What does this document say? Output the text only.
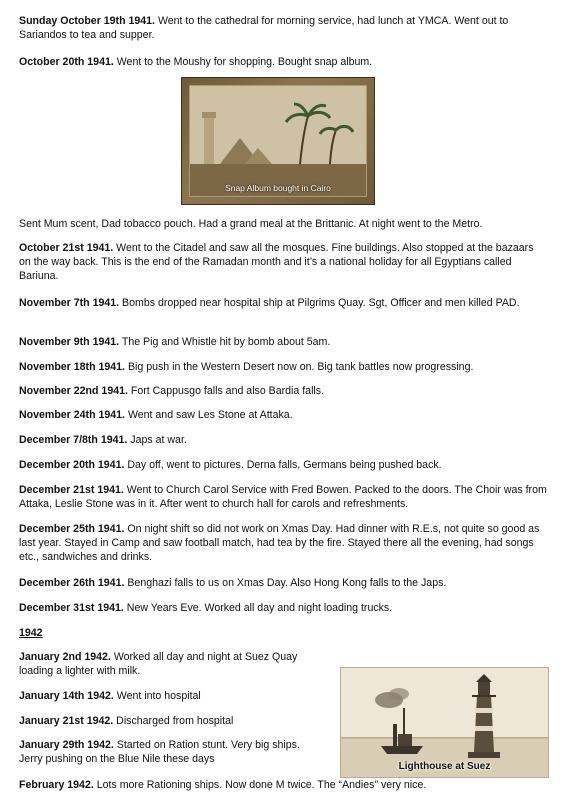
Sunday October 19th 1941. Went to the cathedral for morning service, had lunch at YMCA. Went out to Sariandos to tea and supper.

October 20th 1941. Went to the Moushy for shopping. Bought snap album.

Snap Album bought in Cairo

Sent Mum scent, Dad tobacco pouch. Had a grand meal at the Brittanic. At night went to the Metro.

October 21st 1941. Went to the Citadel and saw all the mosques. Fine buildings. Also stopped at the bazaars on the way back. This is the end of the Ramadan month and it’s a national holiday for all Egyptians called Bariuna.

November 7th 1941. Bombs dropped near hospital ship at Pilgrims Quay. Sgt, Officer and men killed PAD.

November 9th 1941. The Pig and Whistle hit by bomb about 5am.

November 18th 1941. Big push in the Western Desert now on. Big tank battles now progressing.

November 22nd 1941. Fort Cappusgo falls and also Bardia falls.

November 24th 1941. Went and saw Les Stone at Attaka.

December 7/8th 1941. Japs at war.

December 20th 1941. Day off, went to pictures. Derna falls, Germans being pushed back.

December 21st 1941. Went to Church Carol Service with Fred Bowen. Packed to the doors. The Choir was from Attaka, Leslie Stone was in it. After went to church hall for carols and refreshments.

December 25th 1941. On night shift so did not work on Xmas Day. Had dinner with R.E.s, not quite so good as last year. Stayed in Camp and saw football match, had tea by the fire. Stayed there all the evening, had songs etc., sandwiches and drinks.

December 26th 1941. Benghazi falls to us on Xmas Day. Also Hong Kong falls to the Japs.

December 31st 1941. New Years Eve. Worked all day and night loading trucks.

1942

January 2nd 1942. Worked all day and night at Suez Quay loading a lighter with milk.

January 14th 1942. Went into hospital

January 21st 1942. Discharged from hospital

January 29th 1942. Started on Ration stunt. Very big ships. Jerry pushing on the Blue Nile these days

Lighthouse at Suez

February 1942. Lots more Rationing ships. Now done M twice. The “Andies” very nice.
